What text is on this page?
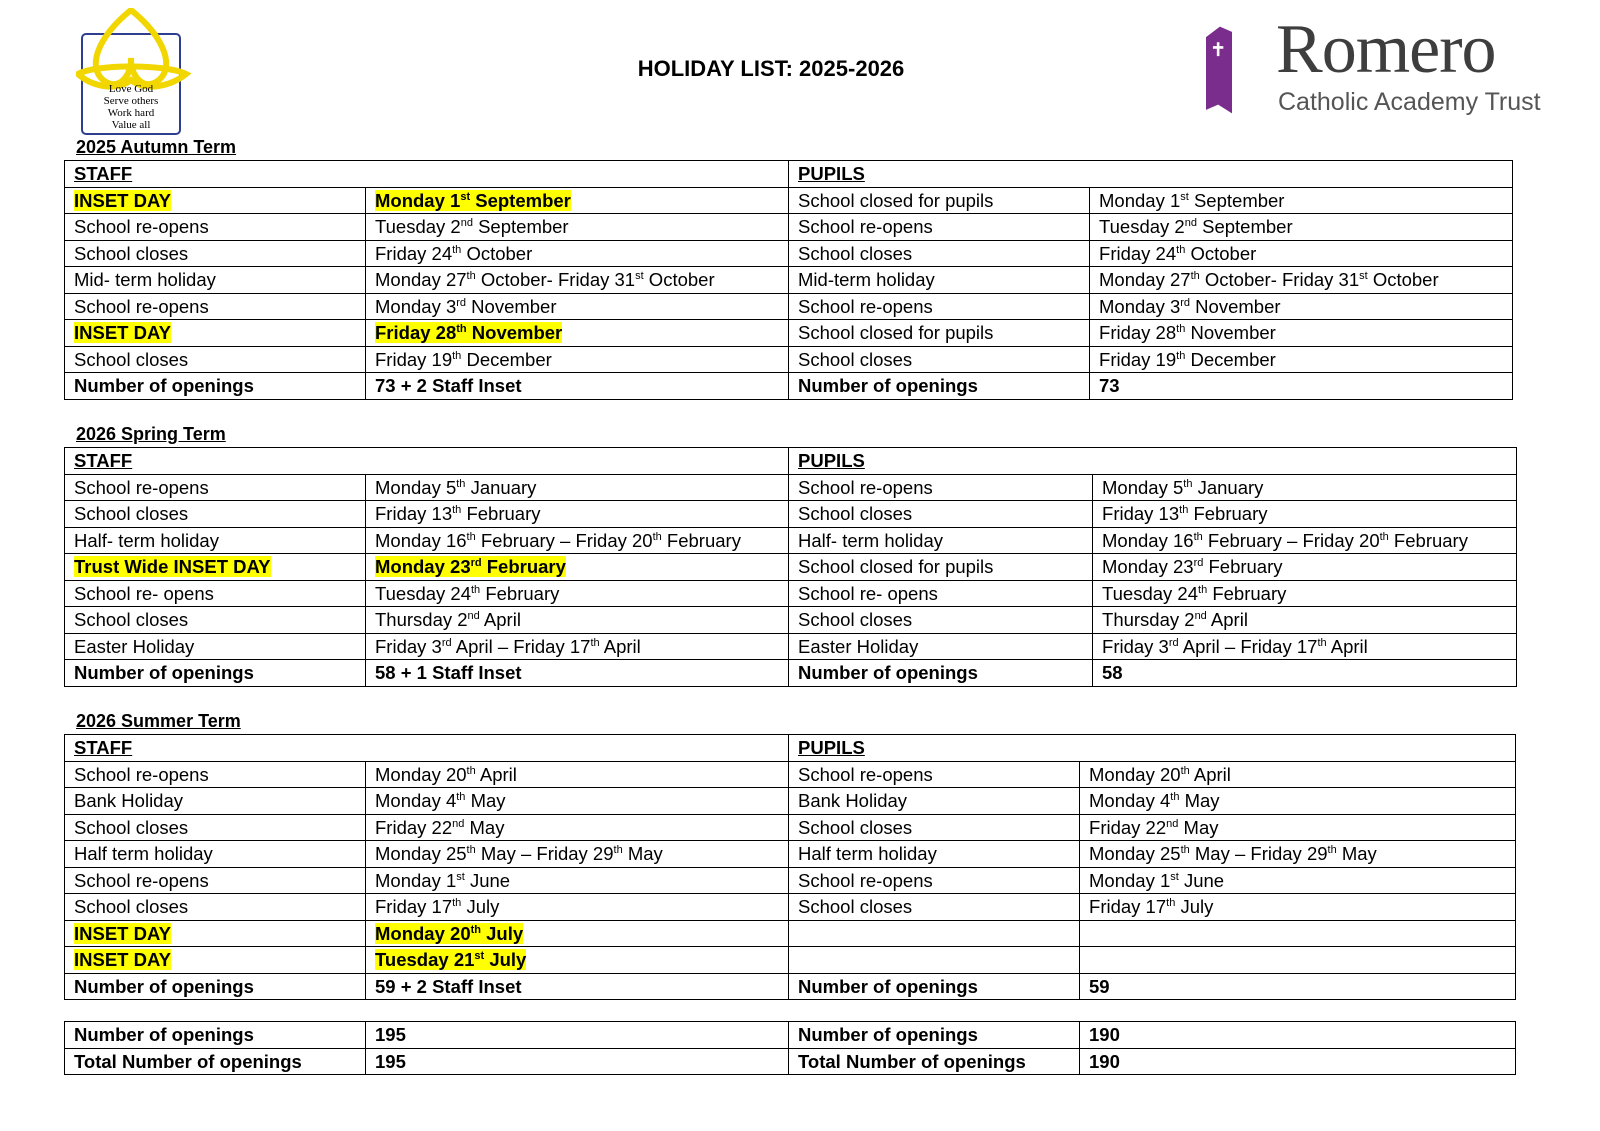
Love God
Serve others
Work hard
Value all
Romero
Catholic Academy Trust
HOLIDAY LIST: 2025-2026
2025 Autumn Term
STAFF		PUPILS	
INSET DAY	Monday 1st September	School closed for pupils	Monday 1st September
School re-opens	Tuesday 2nd September	School re-opens	Tuesday 2nd September
School closes	Friday 24th October	School closes	Friday 24th October
Mid- term holiday	Monday 27th October- Friday 31st October	Mid-term holiday	Monday 27th October- Friday 31st October
School re-opens	Monday 3rd November	School re-opens	Monday 3rd November
INSET DAY	Friday 28th November	School closed for pupils	Friday 28th November
School closes	Friday 19th December	School closes	Friday 19th December
Number of openings	73 + 2 Staff Inset	Number of openings	73
2026 Spring Term
STAFF		PUPILS	
School re-opens	Monday 5th January	School re-opens	Monday 5th January
School closes	Friday 13th February	School closes	Friday 13th February
Half- term holiday	Monday 16th February – Friday 20th February	Half- term holiday	Monday 16th February – Friday 20th February
Trust Wide INSET DAY	Monday 23rd February	School closed for pupils	Monday 23rd February
School re- opens	Tuesday 24th February	School re- opens	Tuesday 24th February
School closes	Thursday 2nd April	School closes	Thursday 2nd April
Easter Holiday	Friday 3rd April – Friday 17th April	Easter Holiday	Friday 3rd April – Friday 17th April
Number of openings	58 + 1 Staff Inset	Number of openings	58
2026 Summer Term
STAFF		PUPILS	
School re-opens	Monday 20th April	School re-opens	Monday 20th April
Bank Holiday	Monday 4th May	Bank Holiday	Monday 4th May
School closes	Friday 22nd May	School closes	Friday 22nd May
Half term holiday	Monday 25th May – Friday 29th May	Half term holiday	Monday 25th May – Friday 29th May
School re-opens	Monday 1st June	School re-opens	Monday 1st June
School closes	Friday 17th July	School closes	Friday 17th July
INSET DAY	Monday 20th July		
INSET DAY	Tuesday 21st July		
Number of openings	59 + 2 Staff Inset	Number of openings	59
Number of openings	195	Number of openings	190
Total Number of openings	195	Total Number of openings	190
